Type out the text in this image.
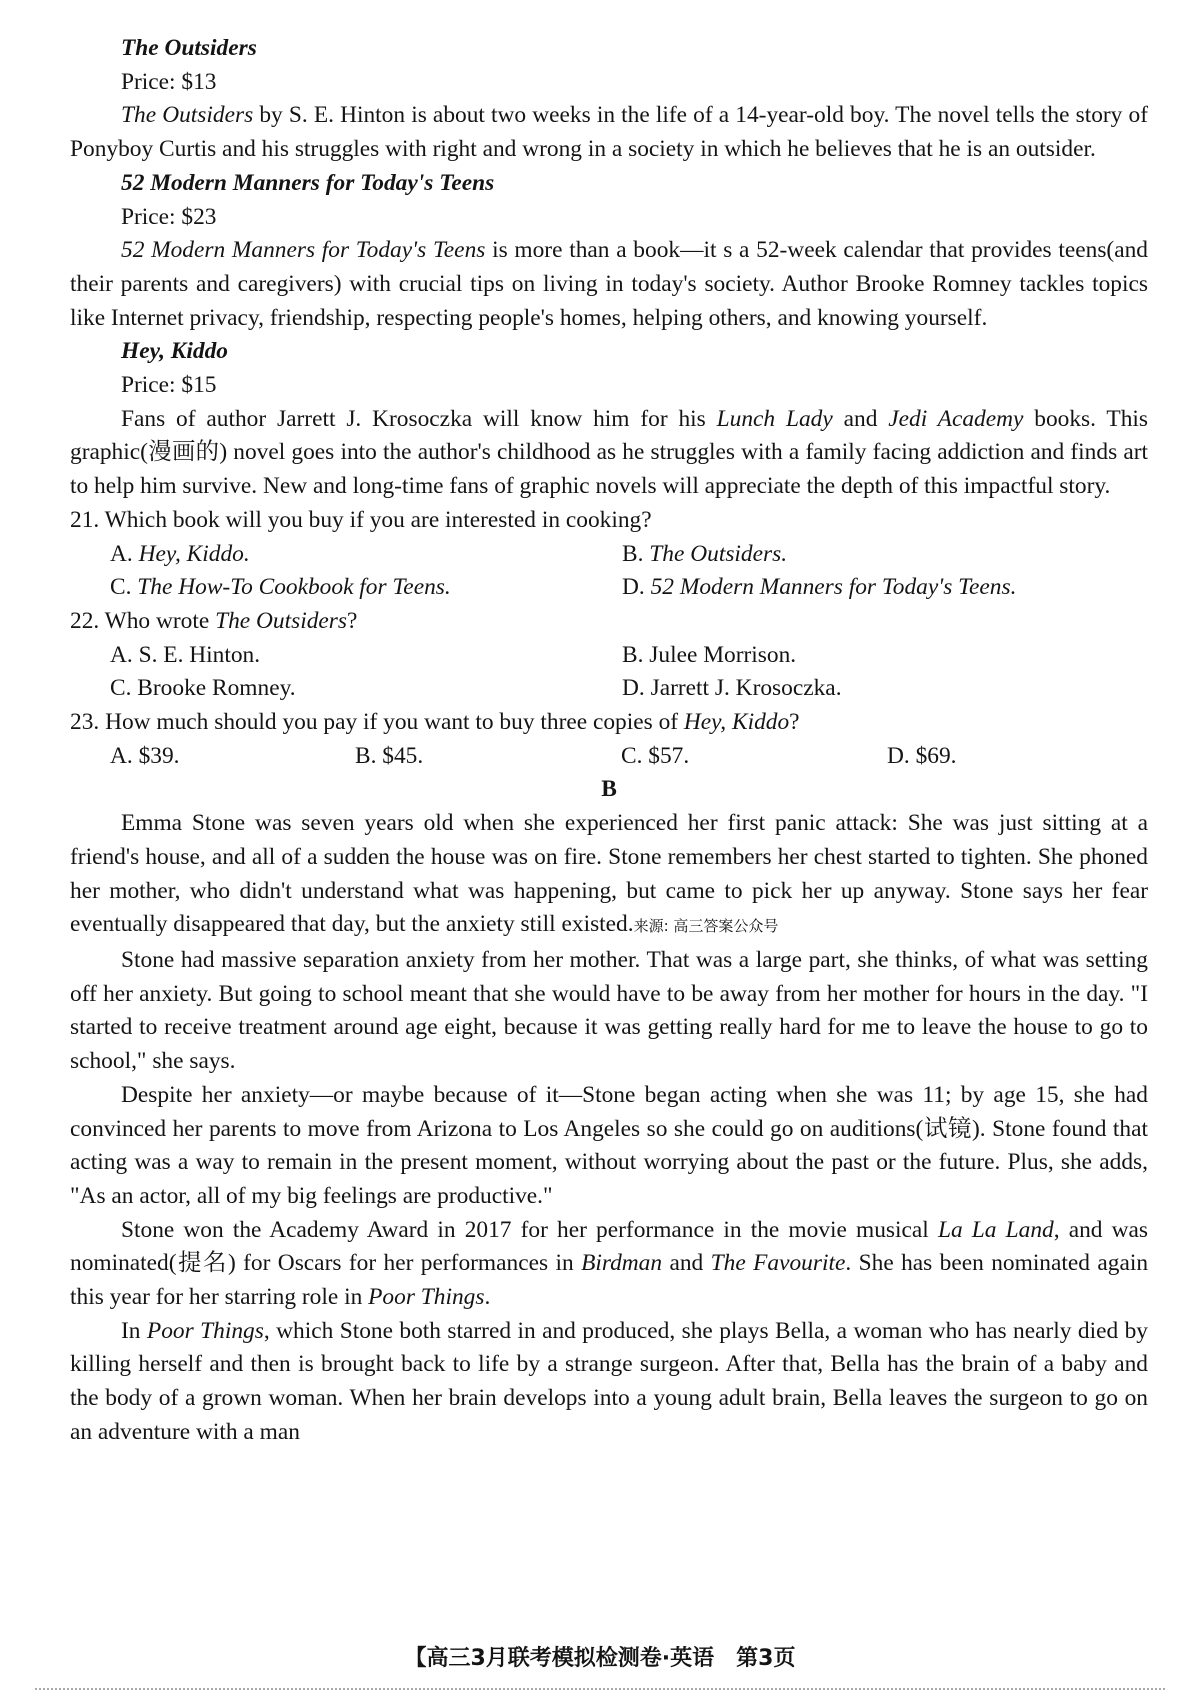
The Outsiders

Price: $13

The Outsiders by S. E. Hinton is about two weeks in the life of a 14-year-old boy. The novel tells the story of Ponyboy Curtis and his struggles with right and wrong in a society in which he believes that he is an outsider.

52 Modern Manners for Today's Teens

Price: $23

52 Modern Manners for Today's Teens is more than a book—it s a 52-week calendar that provides teens(and their parents and caregivers) with crucial tips on living in today's society. Author Brooke Romney tackles topics like Internet privacy, friendship, respecting people's homes, helping others, and knowing yourself.

Hey, Kiddo

Price: $15

Fans of author Jarrett J. Krosoczka will know him for his Lunch Lady and Jedi Academy books. This graphic(漫画的) novel goes into the author's childhood as he struggles with a family facing addiction and finds art to help him survive. New and long-time fans of graphic novels will appreciate the depth of this impactful story.

21. Which book will you buy if you are interested in cooking?

A. Hey, Kiddo.	B. The Outsiders.
C. The How-To Cookbook for Teens.	D. 52 Modern Manners for Today's Teens.

22. Who wrote The Outsiders?

A. S. E. Hinton.	B. Julee Morrison.
C. Brooke Romney.	D. Jarrett J. Krosoczka.

23. How much should you pay if you want to buy three copies of Hey, Kiddo?

A. $39.	B. $45.	C. $57.	D. $69.

B

Emma Stone was seven years old when she experienced her first panic attack: She was just sitting at a friend's house, and all of a sudden the house was on fire. Stone remembers her chest started to tighten. She phoned her mother, who didn't understand what was happening, but came to pick her up anyway. Stone says her fear eventually disappeared that day, but the anxiety still existed.来源: 高三答案公众号

Stone had massive separation anxiety from her mother. That was a large part, she thinks, of what was setting off her anxiety. But going to school meant that she would have to be away from her mother for hours in the day. "I started to receive treatment around age eight, because it was getting really hard for me to leave the house to go to school," she says.

Despite her anxiety—or maybe because of it—Stone began acting when she was 11; by age 15, she had convinced her parents to move from Arizona to Los Angeles so she could go on auditions(试镜). Stone found that acting was a way to remain in the present moment, without worrying about the past or the future. Plus, she adds, "As an actor, all of my big feelings are productive."

Stone won the Academy Award in 2017 for her performance in the movie musical La La Land, and was nominated(提名) for Oscars for her performances in Birdman and The Favourite. She has been nominated again this year for her starring role in Poor Things.

In Poor Things, which Stone both starred in and produced, she plays Bella, a woman who has nearly died by killing herself and then is brought back to life by a strange surgeon. After that, Bella has the brain of a baby and the body of a grown woman. When her brain develops into a young adult brain, Bella leaves the surgeon to go on an adventure with a man

【高三3月联考模拟检测卷·英语　第3页
